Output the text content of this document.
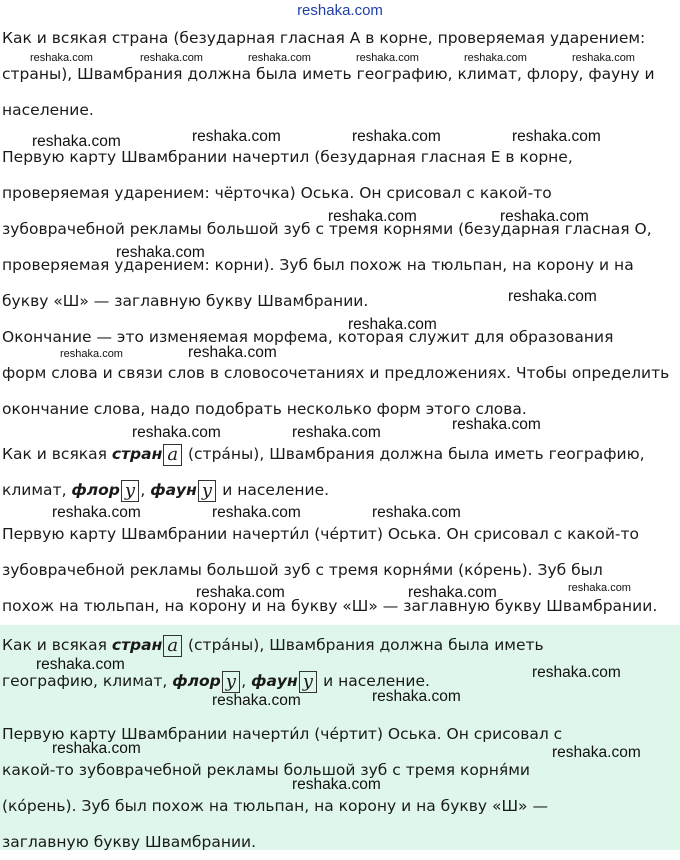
reshaka.com

Как и всякая страна (безударная гласная А в корне, проверяемая ударением:
страны), Швамбрания должна была иметь географию, климат, флору, фауну и
население.

Первую карту Швамбрании начертил (безударная гласная Е в корне,
проверяемая ударением: чёрточка) Оська. Он срисовал с какой-то
зубоврачебной рекламы большой зуб с тремя корнями (безударная гласная О,
проверяемая ударением: корни). Зуб был похож на тюльпан, на корону и на
букву «Ш» — заглавную букву Швамбрании.

Окончание — это изменяемая морфема, которая служит для образования
форм слова и связи слов в словосочетаниях и предложениях. Чтобы определить
окончание слова, надо подобрать несколько форм этого слова.

Как и всякая стран а (стра́ны), Швамбрания должна была иметь географию,
климат, флор у , фаун у и население.

Первую карту Швамбрании начерти́л (че́ртит) Оська. Он срисовал с какой-то
зубоврачебной рекламы большой зуб с тремя корня́ми (ко́рень). Зуб был
похож на тюльпан, на корону и на букву «Ш» — заглавную букву Швамбрании.

Как и всякая стран а (стра́ны), Швамбрания должна была иметь
географию, климат, флор у , фаун у и население.

Первую карту Швамбрании начерти́л (че́ртит) Оська. Он срисовал с
какой-то зубоврачебной рекламы большой зуб с тремя корня́ми
(ко́рень). Зуб был похож на тюльпан, на корону и на букву «Ш» —
заглавную букву Швамбрании.

reshaka.com	reshaka.com	reshaka.com	reshaka.com	reshaka.com	reshaka.com
reshaka.com	reshaka.com	reshaka.com	reshaka.com
reshaka.com	reshaka.com
reshaka.com
reshaka.com
reshaka.com
reshaka.com	reshaka.com
reshaka.com
reshaka.com	reshaka.com
reshaka.com	reshaka.com	reshaka.com
reshaka.com
reshaka.com	reshaka.com
reshaka.com	reshaka.com
reshaka.com	reshaka.com
reshaka.com	reshaka.com
reshaka.com
